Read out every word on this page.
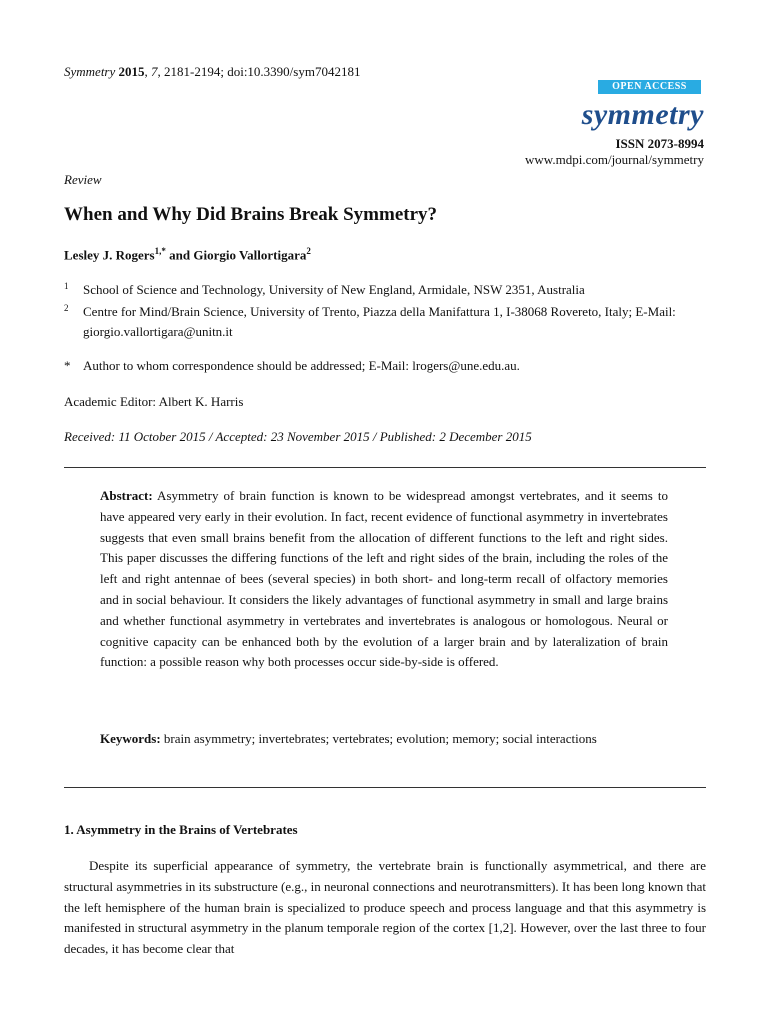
Symmetry 2015, 7, 2181-2194; doi:10.3390/sym7042181
OPEN ACCESS
symmetry
ISSN 2073-8994
www.mdpi.com/journal/symmetry
Review
When and Why Did Brains Break Symmetry?
Lesley J. Rogers$^{1,*}$ and Giorgio Vallortigara$^2$
1 School of Science and Technology, University of New England, Armidale, NSW 2351, Australia
2 Centre for Mind/Brain Science, University of Trento, Piazza della Manifattura 1, I-38068 Rovereto, Italy; E-Mail: giorgio.vallortigara@unitn.it
* Author to whom correspondence should be addressed; E-Mail: lrogers@une.edu.au.
Academic Editor: Albert K. Harris
Received: 11 October 2015 / Accepted: 23 November 2015 / Published: 2 December 2015
Abstract: Asymmetry of brain function is known to be widespread amongst vertebrates, and it seems to have appeared very early in their evolution. In fact, recent evidence of functional asymmetry in invertebrates suggests that even small brains benefit from the allocation of different functions to the left and right sides. This paper discusses the differing functions of the left and right sides of the brain, including the roles of the left and right antennae of bees (several species) in both short- and long-term recall of olfactory memories and in social behaviour. It considers the likely advantages of functional asymmetry in small and large brains and whether functional asymmetry in vertebrates and invertebrates is analogous or homologous. Neural or cognitive capacity can be enhanced both by the evolution of a larger brain and by lateralization of brain function: a possible reason why both processes occur side-by-side is offered.
Keywords: brain asymmetry; invertebrates; vertebrates; evolution; memory; social interactions
1. Asymmetry in the Brains of Vertebrates
Despite its superficial appearance of symmetry, the vertebrate brain is functionally asymmetrical, and there are structural asymmetries in its substructure (e.g., in neuronal connections and neurotransmitters). It has been long known that the left hemisphere of the human brain is specialized to produce speech and process language and that this asymmetry is manifested in structural asymmetry in the planum temporale region of the cortex [1,2]. However, over the last three to four decades, it has become clear that
